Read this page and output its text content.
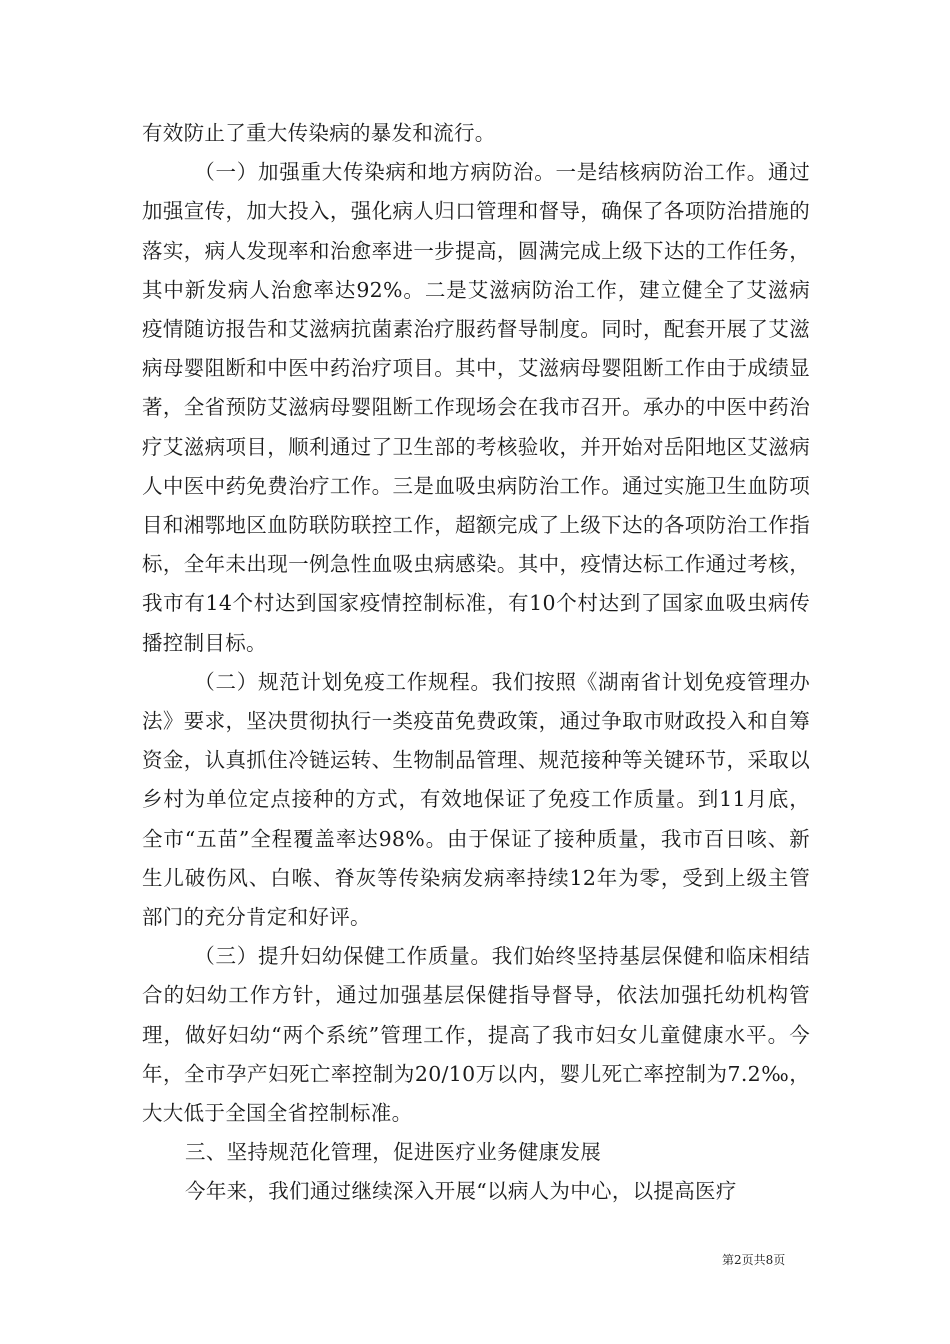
有效防止了重大传染病的暴发和流行。

（一）加强重大传染病和地方病防治。一是结核病防治工作。通过加强宣传，加大投入，强化病人归口管理和督导，确保了各项防治措施的落实，病人发现率和治愈率进一步提高，圆满完成上级下达的工作任务，其中新发病人治愈率达92%。二是艾滋病防治工作，建立健全了艾滋病疫情随访报告和艾滋病抗菌素治疗服药督导制度。同时，配套开展了艾滋病母婴阻断和中医中药治疗项目。其中，艾滋病母婴阻断工作由于成绩显著，全省预防艾滋病母婴阻断工作现场会在我市召开。承办的中医中药治疗艾滋病项目，顺利通过了卫生部的考核验收，并开始对岳阳地区艾滋病人中医中药免费治疗工作。三是血吸虫病防治工作。通过实施卫生血防项目和湘鄂地区血防联防联控工作，超额完成了上级下达的各项防治工作指标，全年未出现一例急性血吸虫病感染。其中，疫情达标工作通过考核，我市有14个村达到国家疫情控制标准，有10个村达到了国家血吸虫病传播控制目标。

（二）规范计划免疫工作规程。我们按照《湖南省计划免疫管理办法》要求，坚决贯彻执行一类疫苗免费政策，通过争取市财政投入和自筹资金，认真抓住冷链运转、生物制品管理、规范接种等关键环节，采取以乡村为单位定点接种的方式，有效地保证了免疫工作质量。到11月底，全市“五苗”全程覆盖率达98%。由于保证了接种质量，我市百日咳、新生儿破伤风、白喉、脊灰等传染病发病率持续12年为零，受到上级主管部门的充分肯定和好评。

（三）提升妇幼保健工作质量。我们始终坚持基层保健和临床相结合的妇幼工作方针，通过加强基层保健指导督导，依法加强托幼机构管理，做好妇幼“两个系统”管理工作，提高了我市妇女儿童健康水平。今年，全市孕产妇死亡率控制为20/10万以内，婴儿死亡率控制为7.2‰，大大低于全国全省控制标准。

三、坚持规范化管理，促进医疗业务健康发展

今年来，我们通过继续深入开展“以病人为中心，以提高医疗

第2页共8页
